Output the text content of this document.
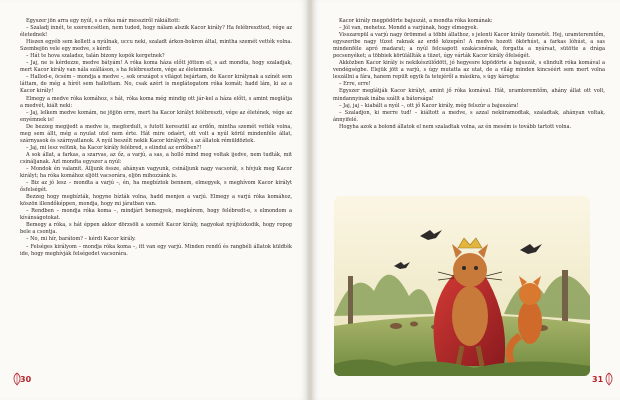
Egyszer jön arra egy nyúl, s a róka már messziről rákiáltott:

– Szaladj innét, te szerencsétlen, nem tudod, hogy nálam alszik Kacor király? Ha felébresztted, vége az életednek!

Hiszen egyéb sem kellett a nyúlnak, uccu neki, szaladt árkon-bokron által, mintha szemét vették volna. Szembejön vele egy medve, s kérdi:

– Hát te hova szaladsz, talán bizony kopók kergetnek?

– Jaj, ne is kérdezze, medve bátyám! A róka koma háza előtt jöttem el, s azt mondta, hogy szaladjak, mert Kacor király van nála szálláson, s ha felébresztem, vége az életemnek.

– Hallod-e, öcsém – mondja a medve –, sok országot s világot bejártam, de Kacor királynak a színét sem láttam, de még a hírét sem hallottam. No, csak azért is meglátogatom róka komát; hadd lám, ki az a Kacor király!

Elmegy a medve róka komához, s hát, róka koma még mindig ott jár-kel a háza előtt, s amint meglátja a medvét, kiált neki:

– Jaj, lelkem medve komám, ne jöjjön erre, mert ha Kacor királyt felébreszti, vége az életének, vége az enyémnek is!

De bezzeg megijedt a medve is, megfordult, s futott keresztül az erdőn, mintha szemét vették volna, meg sem állt, még a nyulat utol nem érte. Hát mire odaért, ott volt a nyúl körül mindenféle állat, szárnyasok és szárnyatlanok. A nyúl beszélt nekik Kacor királyról, s az állatok rémüldöztek.

– Jaj, mi lesz velünk, ha Kacor király felébred, s elindul az erdőben?!

A sok állat, a farkas, a szarvas, az őz, a varjú, a sas, a holló mind meg voltak ijedve, nem tudták, mit csináljanak. Azt mondta egyszer a nyúl:

– Mondok én valamit. Álljunk össze, ahányan vagyunk, csináljunk nagy vacsorát, s hívjuk meg Kacor királyt; ha róka komához eljött vacsorára, eljön mihozzánk is.

– Biz az jó lesz – mondta a varjú –, én, ha megbíztok bennem, elmegyek, s meghívom Kacor királyt ősfelségét.

Bezzeg hogy megbízták, hogyne bízták volna, hadd menjen a varjú. Elmegy a varjú róka komához, köszön illendőképpen, mondja, hogy mi járatban van.

– Rendben – mondja róka koma –, mindjárt bemegyek, megkérem, hogy felébredt-e, s elmondom a kívánságotokat.

Bemegy a róka, s hát éppen akkor dörzsöli a szemét Kacor király, nagyokat nyújtózkodik, hogy ropog bele a csontja.

– No, mi hír, barátom? – kérdi Kacor király.

– Felséges királyom – mondja róka koma –, itt van egy varjú. Minden rendű és rangbéli állatok küldték ide, hogy meghívják felségedet vacsorára.

30

Kacor király megpödörte bajuszát, a mondta róka komának:

– Jól van, mehetsz. Mondd a varjúnak, hogy elmegyek.

Visszarepül a varjú nagy örömmel a többi állathoz, s jelenti Kacor király üzenetét. Hej, uramteremtőm, egyszeribe nagy tüzet raknak az erdő közepén! A medve hozott ökörhúst, a farkas lóhúst, a sas mindenféle apró madarat; a nyúl felcsapott szakácsnénak, forgatta a nyársat, sütötte a drága pecsenyéket; a többiek körülállták a tüzet, úgy várták Kacor király őfelségét.

Akközben Kacor király is nekikészülődött, jó hegyesre kipödörte a bajuszát, s elindult róka komával a vendégségbe. Elejük jött a varjú, s úgy mutatta az utat, de a világ minden kincséért sem mert volna leszállni a fára, hanem repült egyik fa tetejéről a másikra, s úgy károgta:

– Erre, erre!

Egyszer meglátják Kacor királyt, amint jő róka komával. Hát, uramteremtőm, ahány állat ott volt, mindannyinak inába szállt a bátorsága!

– Jaj, jaj – kiabált a nyúl –, ott jő Kacor király, még felszúr a bajuszára!

– Szaladjon, ki merre tud! – kiáltott a medve, s azzal nekiiramodtak, szaladtak, ahányan voltak, ánnyifelé.

Hogyha azok a bolond állatok el nem szaladtak volna, az én mesém is tovább tartott volna.

31
